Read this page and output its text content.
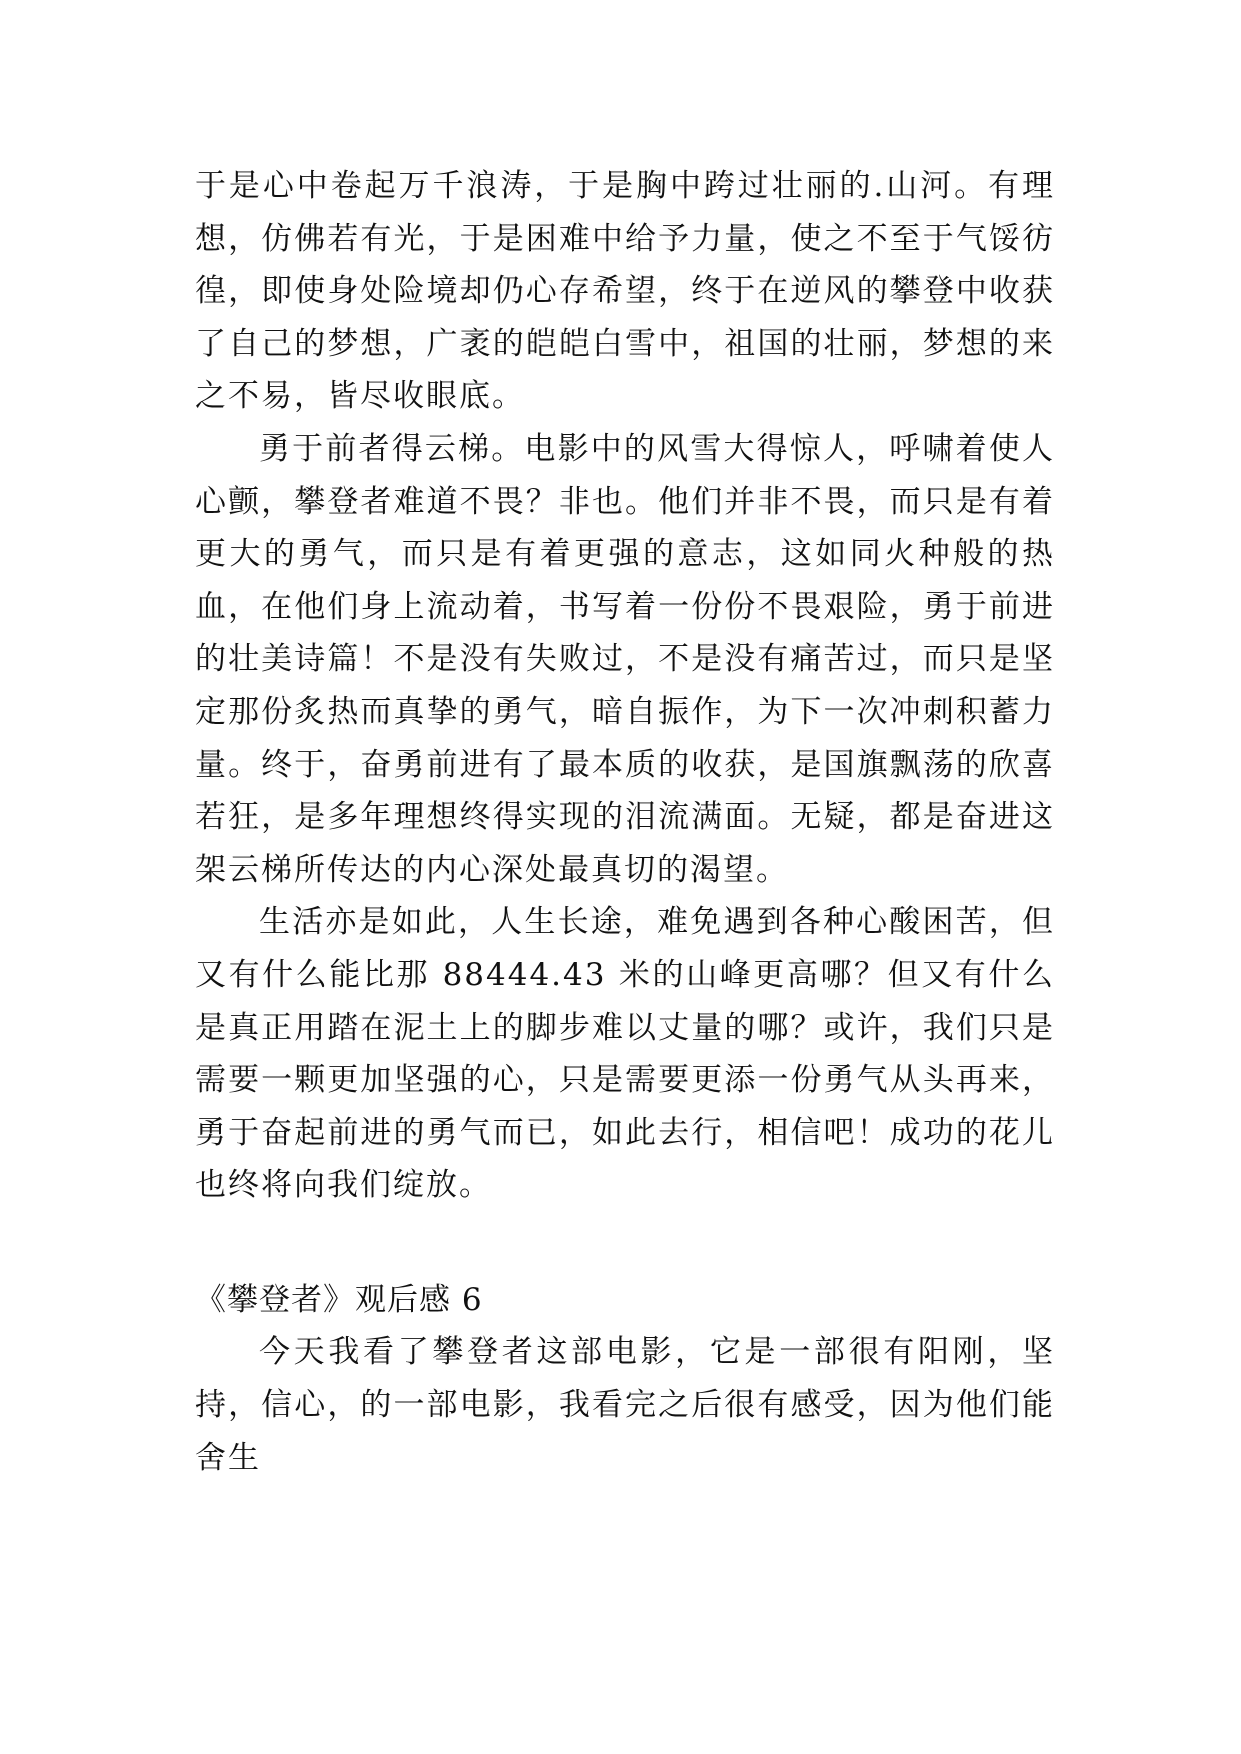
于是心中卷起万千浪涛，于是胸中跨过壮丽的.山河。有理想，仿佛若有光，于是困难中给予力量，使之不至于气馁彷徨，即使身处险境却仍心存希望，终于在逆风的攀登中收获了自己的梦想，广袤的皑皑白雪中，祖国的壮丽，梦想的来之不易，皆尽收眼底。

勇于前者得云梯。电影中的风雪大得惊人，呼啸着使人心颤，攀登者难道不畏？非也。他们并非不畏，而只是有着更大的勇气，而只是有着更强的意志，这如同火种般的热血，在他们身上流动着，书写着一份份不畏艰险，勇于前进的壮美诗篇！不是没有失败过，不是没有痛苦过，而只是坚定那份炙热而真挚的勇气，暗自振作，为下一次冲刺积蓄力量。终于，奋勇前进有了最本质的收获，是国旗飘荡的欣喜若狂，是多年理想终得实现的泪流满面。无疑，都是奋进这架云梯所传达的内心深处最真切的渴望。

生活亦是如此，人生长途，难免遇到各种心酸困苦，但又有什么能比那 88444.43 米的山峰更高哪？但又有什么是真正用踏在泥土上的脚步难以丈量的哪？或许，我们只是需要一颗更加坚强的心，只是需要更添一份勇气从头再来，勇于奋起前进的勇气而已，如此去行，相信吧！成功的花儿也终将向我们绽放。

《攀登者》观后感 6

今天我看了攀登者这部电影，它是一部很有阳刚，坚持，信心，的一部电影，我看完之后很有感受，因为他们能舍生
